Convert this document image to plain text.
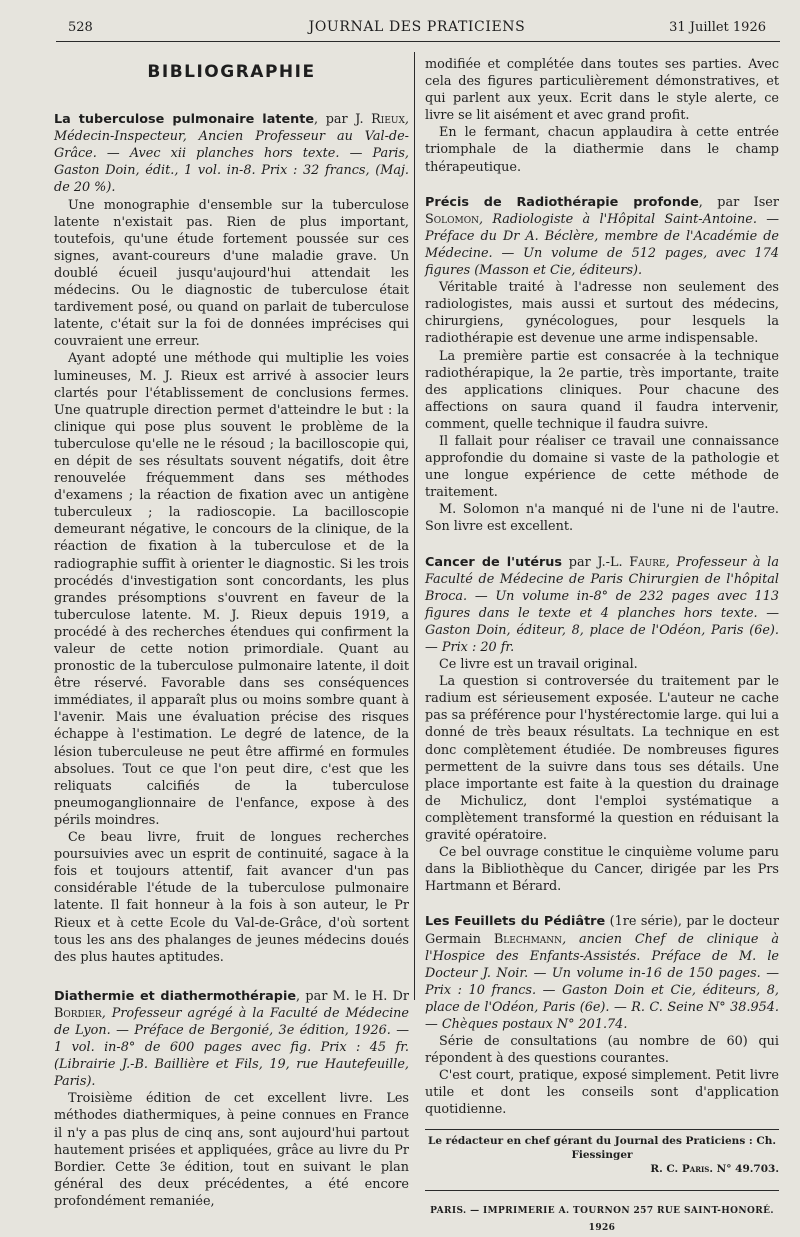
528	JOURNAL DES PRATICIENS	31 Juillet 1926
BIBLIOGRAPHIE
La tuberculose pulmonaire latente, par J. Rieux, Médecin-Inspecteur, Ancien Professeur au Val-de-Grâce. — Avec xii planches hors texte. — Paris, Gaston Doin, édit., 1 vol. in-8. Prix : 32 francs, (Maj. de 20 %).

Une monographie d'ensemble sur la tuberculose latente n'existait pas. Rien de plus important, toutefois, qu'une étude fortement poussée sur ces signes, avant-coureurs d'une maladie grave. Un doublé écueil jusqu'aujourd'hui attendait les médecins. Ou le diagnostic de tuberculose était tardivement posé, ou quand on parlait de tuberculose latente, c'était sur la foi de données imprécises qui couvraient une erreur.

Ayant adopté une méthode qui multiplie les voies lumineuses, M. J. Rieux est arrivé à associer leurs clartés pour l'établissement de conclusions fermes. Une quatruple direction permet d'atteindre le but : la clinique qui pose plus souvent le problème de la tuberculose qu'elle ne le résoud ; la bacilloscopie qui, en dépit de ses résultats souvent négatifs, doit être renouvelée fréquemment dans ses méthodes d'examens ; la réaction de fixation avec un antigène tuberculeux ; la radioscopie. La bacilloscopie demeurant négative, le concours de la clinique, de la réaction de fixation à la tuberculose et de la radiographie suffit à orienter le diagnostic. Si les trois procédés d'investigation sont concordants, les plus grandes présomptions s'ouvrent en faveur de la tuberculose latente. M. J. Rieux depuis 1919, a procédé à des recherches étendues qui confirment la valeur de cette notion primordiale. Quant au pronostic de la tuberculose pulmonaire latente, il doit être réservé. Favorable dans ses conséquences immédiates, il apparaît plus ou moins sombre quant à l'avenir. Mais une évaluation précise des risques échappe à l'estimation. Le degré de latence, de la lésion tuberculeuse ne peut être affirmé en formules absolues. Tout ce que l'on peut dire, c'est que les reliquats calcifiés de la tuberculose pneumoganglionnaire de l'enfance, expose à des périls moindres.

Ce beau livre, fruit de longues recherches poursuivies avec un esprit de continuité, sagace à la fois et toujours attentif, fait avancer d'un pas considérable l'étude de la tuberculose pulmonaire latente. Il fait honneur à la fois à son auteur, le Pr Rieux et à cette Ecole du Val-de-Grâce, d'où sortent tous les ans des phalanges de jeunes médecins doués des plus hautes aptitudes.

Diathermie et diathermothérapie, par M. le H. Dr Bordier, Professeur agrégé à la Faculté de Médecine de Lyon. — Préface de Bergonié, 3e édition, 1926. — 1 vol. in-8° de 600 pages avec fig. Prix : 45 fr. (Librairie J.-B. Baillière et Fils, 19, rue Hautefeuille, Paris).

Troisième édition de cet excellent livre. Les méthodes diathermiques, à peine connues en France il n'y a pas plus de cinq ans, sont aujourd'hui partout hautement prisées et appliquées, grâce au livre du Pr Bordier. Cette 3e édition, tout en suivant le plan général des deux précédentes, a été encore profondément remaniée,

modifiée et complétée dans toutes ses parties. Avec cela des figures particulièrement démonstratives, et qui parlent aux yeux. Ecrit dans le style alerte, ce livre se lit aisément et avec grand profit.

En le fermant, chacun applaudira à cette entrée triomphale de la diathermie dans le champ thérapeutique.

Précis de Radiothérapie profonde, par Iser Solomon, Radiologiste à l'Hôpital Saint-Antoine. — Préface du Dr A. Béclère, membre de l'Académie de Médecine. — Un volume de 512 pages, avec 174 figures (Masson et Cie, éditeurs).

Véritable traité à l'adresse non seulement des radiologistes, mais aussi et surtout des médecins, chirurgiens, gynécologues, pour lesquels la radiothérapie est devenue une arme indispensable.

La première partie est consacrée à la technique radiothérapique, la 2e partie, très importante, traite des applications cliniques. Pour chacune des affections on saura quand il faudra intervenir, comment, quelle technique il faudra suivre.

Il fallait pour réaliser ce travail une connaissance approfondie du domaine si vaste de la pathologie et une longue expérience de cette méthode de traitement.

M. Solomon n'a manqué ni de l'une ni de l'autre. Son livre est excellent.

Cancer de l'utérus par J.-L. Faure, Professeur à la Faculté de Médecine de Paris Chirurgien de l'hôpital Broca. — Un volume in-8° de 232 pages avec 113 figures dans le texte et 4 planches hors texte. — Gaston Doin, éditeur, 8, place de l'Odéon, Paris (6e). — Prix : 20 fr.

Ce livre est un travail original.

La question si controversée du traitement par le radium est sérieusement exposée. L'auteur ne cache pas sa préférence pour l'hystérectomie large. qui lui a donné de très beaux résultats. La technique en est donc complètement étudiée. De nombreuses figures permettent de la suivre dans tous ses détails. Une place importante est faite à la question du drainage de Michulicz, dont l'emploi systématique a complètement transformé la question en réduisant la gravité opératoire.

Ce bel ouvrage constitue le cinquième volume paru dans la Bibliothèque du Cancer, dirigée par les Prs Hartmann et Bérard.

Les Feuillets du Pédiâtre (1re série), par le docteur Germain Blechmann, ancien Chef de clinique à l'Hospice des Enfants-Assistés. Préface de M. le Docteur J. Noir. — Un volume in-16 de 150 pages. — Prix : 10 francs. — Gaston Doin et Cie, éditeurs, 8, place de l'Odéon, Paris (6e). — R. C. Seine N° 38.954. — Chèques postaux N° 201.74.

Série de consultations (au nombre de 60) qui répondent à des questions courantes.

C'est court, pratique, exposé simplement. Petit livre utile et dont les conseils sont d'application quotidienne.

Le rédacteur en chef gérant du Journal des Praticiens : Ch. Fiessinger
R. C. Paris. N° 49.703.
PARIS. — IMPRIMERIE A. TOURNON 257 RUE SAINT-HONORÉ. 1926
